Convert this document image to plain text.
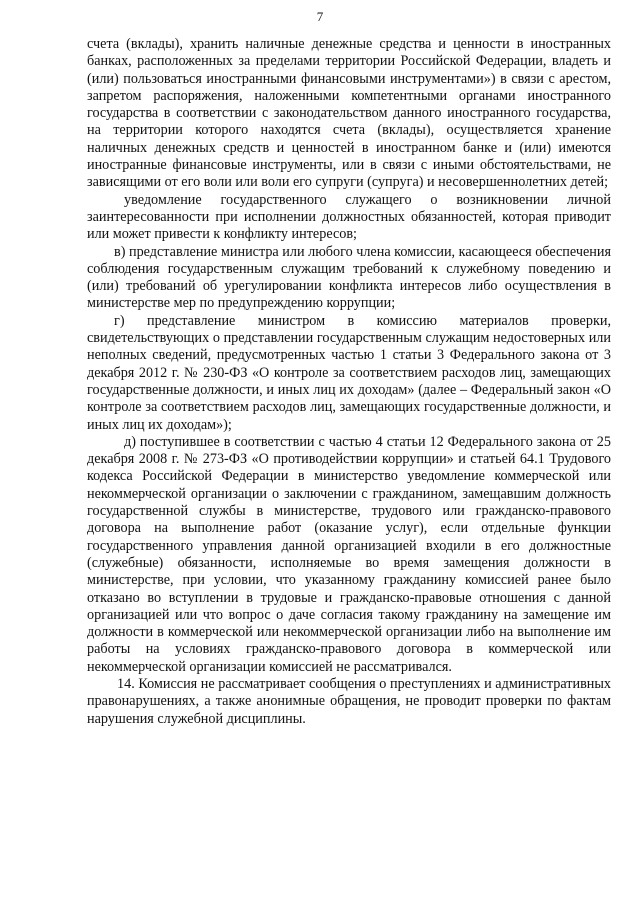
7

счета (вклады), хранить наличные денежные средства и ценности в иностранных банках, расположенных за пределами территории Российской Федерации, владеть и (или) пользоваться иностранными финансовыми инструментами») в связи с арестом, запретом распоряжения, наложенными компетентными органами иностранного государства в соответствии с законодательством данного иностранного государства, на территории которого находятся счета (вклады), осуществляется хранение наличных денежных средств и ценностей в иностранном банке и (или) имеются иностранные финансовые инструменты, или в связи с иными обстоятельствами, не зависящими от его воли или воли его супруги (супруга) и несовершеннолетних детей;

уведомление государственного служащего о возникновении личной заинтересованности при исполнении должностных обязанностей, которая приводит или может привести к конфликту интересов;

в) представление министра или любого члена комиссии, касающееся обеспечения соблюдения государственным служащим требований к служебному поведению и (или) требований об урегулировании конфликта интересов либо осуществления в министерстве мер по предупреждению коррупции;

г) представление министром в комиссию материалов проверки, свидетельствующих о представлении государственным служащим недостоверных или неполных сведений, предусмотренных частью 1 статьи 3 Федерального закона от 3 декабря 2012 г. № 230-ФЗ «О контроле за соответствием расходов лиц, замещающих государственные должности, и иных лиц их доходам» (далее – Федеральный закон «О контроле за соответствием расходов лиц, замещающих государственные должности, и иных лиц их доходам»);

д) поступившее в соответствии с частью 4 статьи 12 Федерального закона от 25 декабря 2008 г. № 273-ФЗ «О противодействии коррупции» и статьей 64.1 Трудового кодекса Российской Федерации в министерство уведомление коммерческой или некоммерческой организации о заключении с гражданином, замещавшим должность государственной службы в министерстве, трудового или гражданско-правового договора на выполнение работ (оказание услуг), если отдельные функции государственного управления данной организацией входили в его должностные (служебные) обязанности, исполняемые во время замещения должности в министерстве, при условии, что указанному гражданину комиссией ранее было отказано во вступлении в трудовые и гражданско-правовые отношения с данной организацией или что вопрос о даче согласия такому гражданину на замещение им должности в коммерческой или некоммерческой организации либо на выполнение им работы на условиях гражданско-правового договора в коммерческой или некоммерческой организации комиссией не рассматривался.

14. Комиссия не рассматривает сообщения о преступлениях и административных правонарушениях, а также анонимные обращения, не проводит проверки по фактам нарушения служебной дисциплины.
